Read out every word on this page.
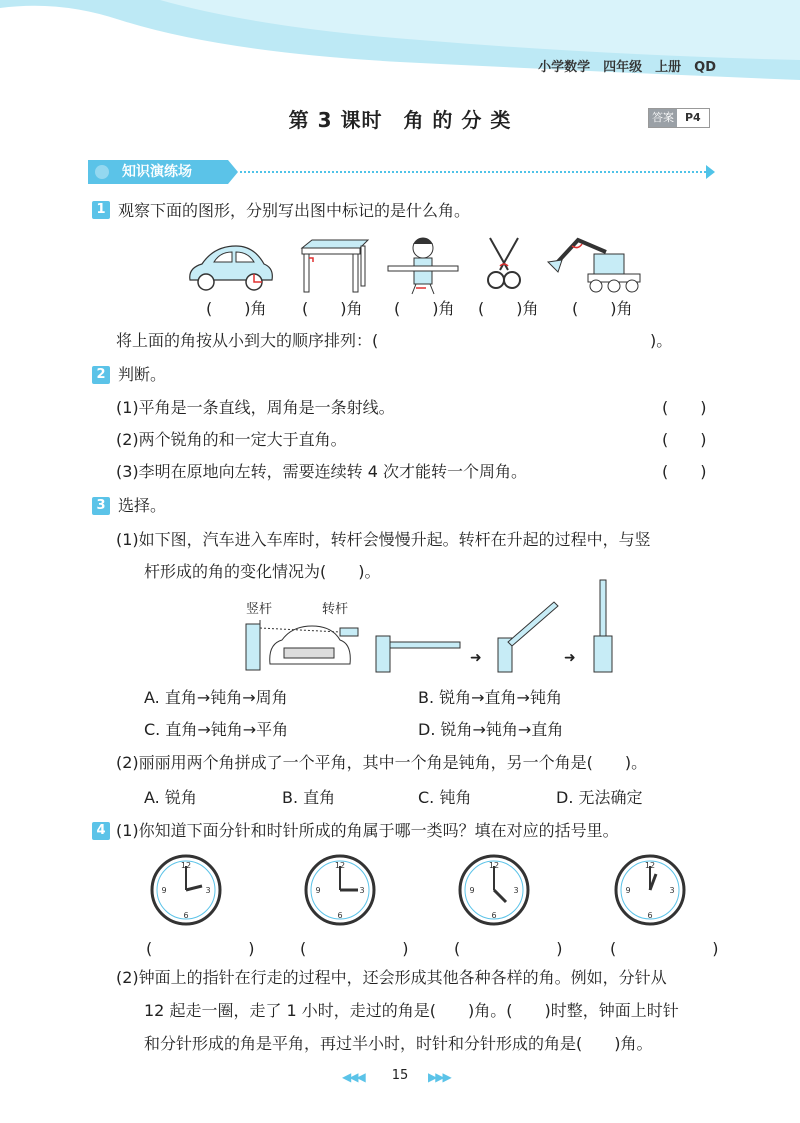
小学数学　四年级　上册　QD
第 3 课时　角 的 分 类	答案	P4
知识演练场
1 观察下面的图形，分别写出图中标记的是什么角。
(　　)角 (　　)角 (　　)角 (　　)角 (　　)角
将上面的角按从小到大的顺序排列：(	)。
2 判断。
(1)平角是一条直线，周角是一条射线。	(　　)
(2)两个锐角的和一定大于直角。	(　　)
(3)李明在原地向左转，需要连续转 4 次才能转一个周角。	(　　)
3 选择。
(1)如下图，汽车进入车库时，转杆会慢慢升起。转杆在升起的过程中，与竖
杆形成的角的变化情况为(　　)。
竖杆	转杆
➜	➜
A. 直角→钝角→周角	B. 锐角→直角→钝角
C. 直角→钝角→平角	D. 锐角→钝角→直角
(2)丽丽用两个角拼成了一个平角，其中一个角是钝角，另一个角是(　　)。
A. 锐角	B. 直角	C. 钝角	D. 无法确定
4 (1)你知道下面分针和时针所成的角属于哪一类吗？填在对应的括号里。
12
3
6
9
12
3
6
9
12
3
6
9
12
3
6
9
(　　　　　　)	(　　　　　　)	(　　　　　　)	(　　　　　　)
(2)钟面上的指针在行走的过程中，还会形成其他各种各样的角。例如，分针从
12 起走一圈，走了 1 小时，走过的角是(　　)角。(　　)时整，钟面上时针
和分针形成的角是平角，再过半小时，时针和分针形成的角是(　　)角。
◀◀◀	15	▶▶▶
